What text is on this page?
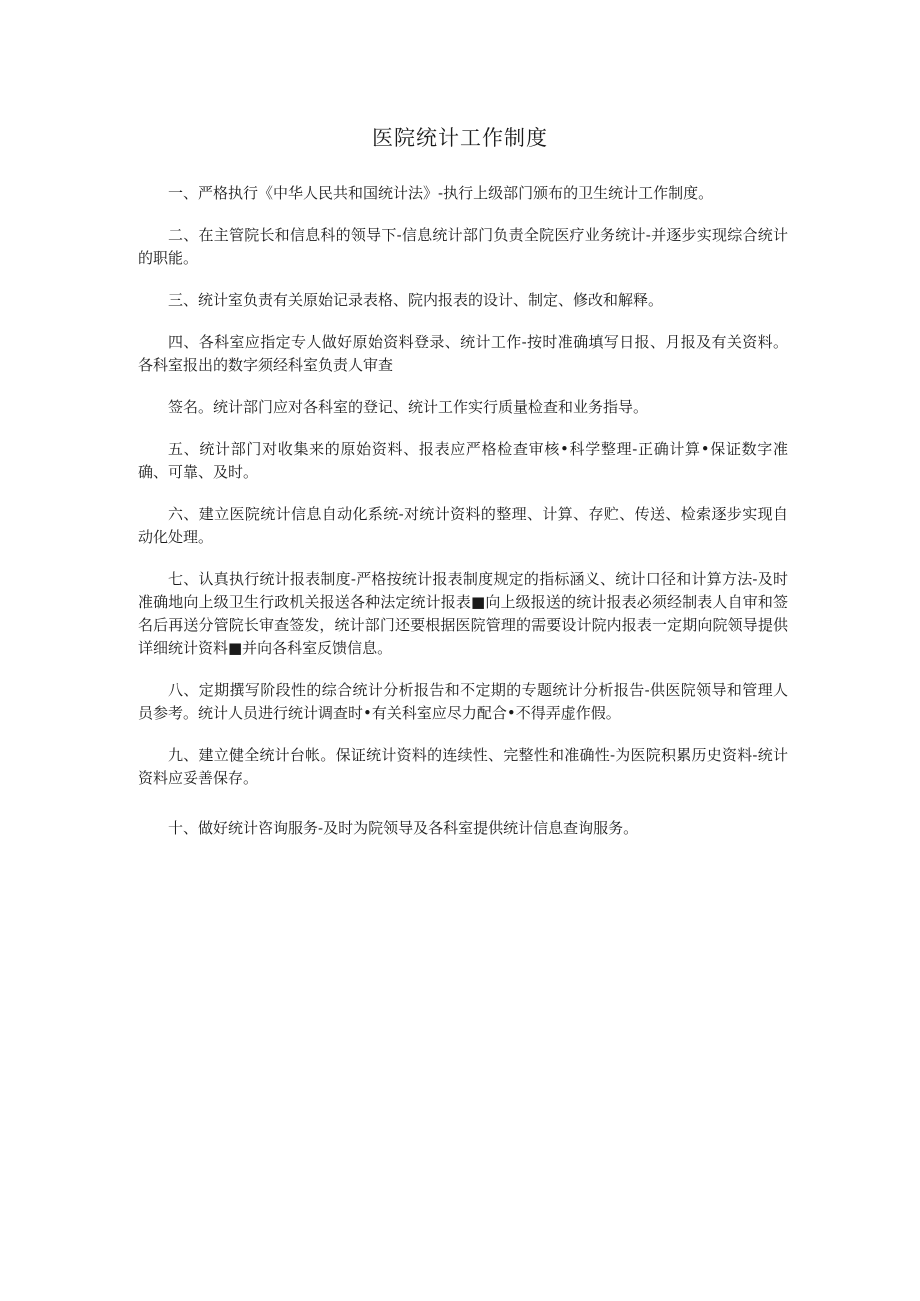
医院统计工作制度

一、严格执行《中华人民共和国统计法》-执行上级部门颁布的卫生统计工作制度。

二、在主管院长和信息科的领导下-信息统计部门负责全院医疗业务统计-并逐步实现综合统计的职能。

三、统计室负责有关原始记录表格、院内报表的设计、制定、修改和解释。

四、各科室应指定专人做好原始资料登录、统计工作-按时准确填写日报、月报及有关资料。各科室报出的数字须经科室负责人审查

签名。统计部门应对各科室的登记、统计工作实行质量检查和业务指导。

五、统计部门对收集来的原始资料、报表应严格检查审核•科学整理-正确计算•保证数字准确、可靠、及时。

六、建立医院统计信息自动化系统-对统计资料的整理、计算、存贮、传送、检索逐步实现自动化处理。

七、认真执行统计报表制度-严格按统计报表制度规定的指标涵义、统计口径和计算方法-及时准确地向上级卫生行政机关报送各种法定统计报表■向上级报送的统计报表必须经制表人自审和签名后再送分管院长审查签发，统计部门还要根据医院管理的需要设计院内报表一定期向院领导提供详细统计资料■并向各科室反馈信息。

八、定期撰写阶段性的综合统计分析报告和不定期的专题统计分析报告-供医院领导和管理人员参考。统计人员进行统计调查时•有关科室应尽力配合•不得弄虚作假。

九、建立健全统计台帐。保证统计资料的连续性、完整性和准确性-为医院积累历史资料-统计资料应妥善保存。

十、做好统计咨询服务-及时为院领导及各科室提供统计信息查询服务。
